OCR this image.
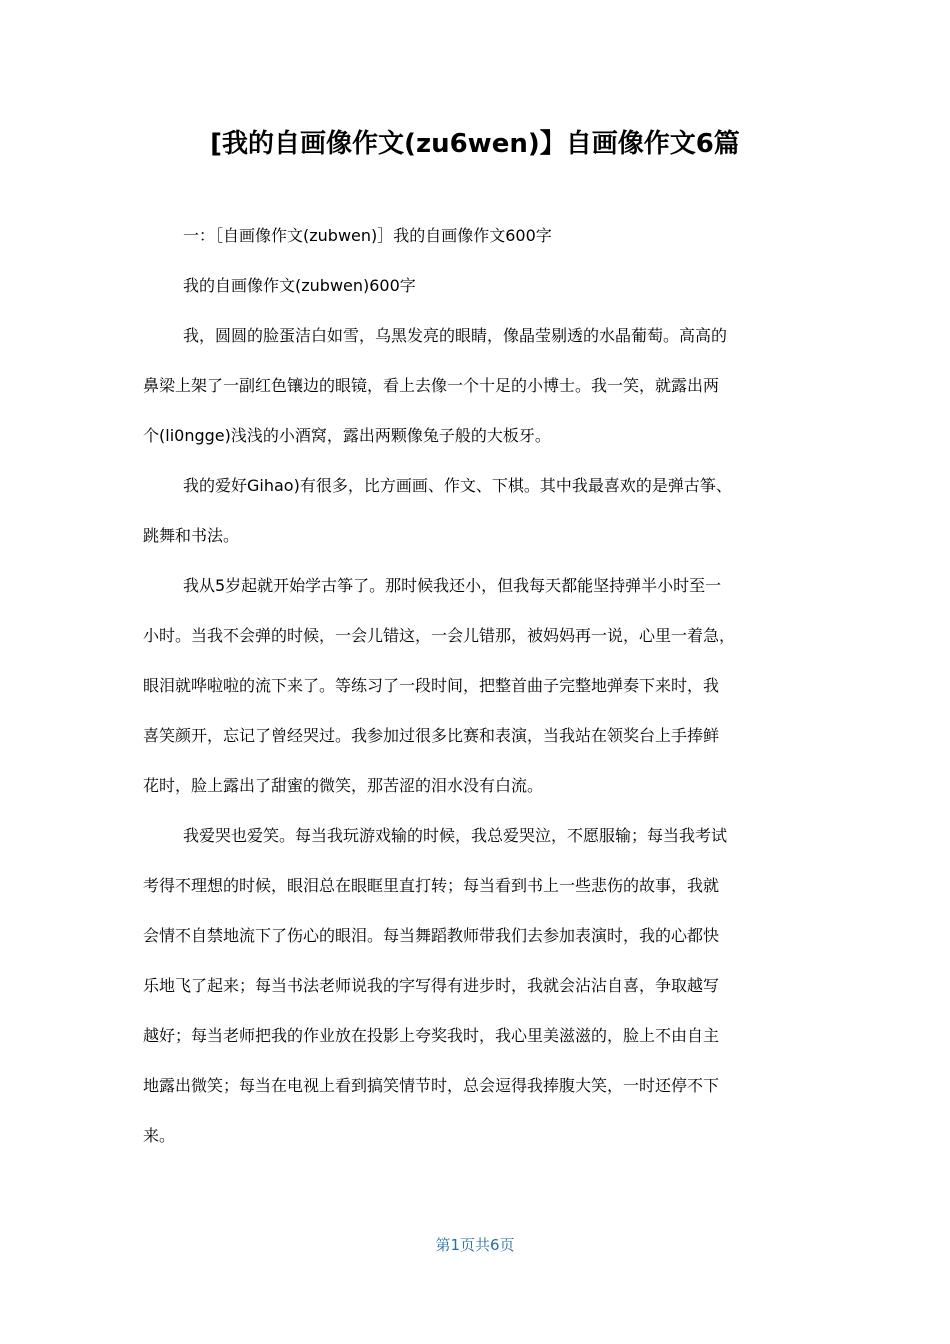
[我的自画像作文(zu6wen)】自画像作文6篇
一：［自画像作文(zubwen)］我的自画像作文600字
我的自画像作文(zubwen)600字
我，圆圆的脸蛋洁白如雪，乌黑发亮的眼睛，像晶莹剔透的水晶葡萄。高高的
鼻梁上架了一副红色镶边的眼镜，看上去像一个十足的小博士。我一笑，就露出两
个(li0ngge)浅浅的小酒窝，露出两颗像兔子般的大板牙。
我的爱好Gihao)有很多，比方画画、作文、下棋。其中我最喜欢的是弹古筝、
跳舞和书法。
我从5岁起就开始学古筝了。那时候我还小，但我每天都能坚持弹半小时至一
小时。当我不会弹的时候，一会儿错这，一会儿错那，被妈妈再一说，心里一着急，
眼泪就哗啦啦的流下来了。等练习了一段时间，把整首曲子完整地弹奏下来时，我
喜笑颜开，忘记了曾经哭过。我参加过很多比赛和表演，当我站在领奖台上手捧鲜
花时，脸上露出了甜蜜的微笑，那苦涩的泪水没有白流。
我爱哭也爱笑。每当我玩游戏输的时候，我总爱哭泣，不愿服输；每当我考试
考得不理想的时候，眼泪总在眼眶里直打转；每当看到书上一些悲伤的故事，我就
会情不自禁地流下了伤心的眼泪。每当舞蹈教师带我们去参加表演时，我的心都快
乐地飞了起来；每当书法老师说我的字写得有进步时，我就会沾沾自喜，争取越写
越好；每当老师把我的作业放在投影上夸奖我时，我心里美滋滋的，脸上不由自主
地露出微笑；每当在电视上看到搞笑情节时，总会逗得我捧腹大笑，一时还停不下
来。
第1页共6页
